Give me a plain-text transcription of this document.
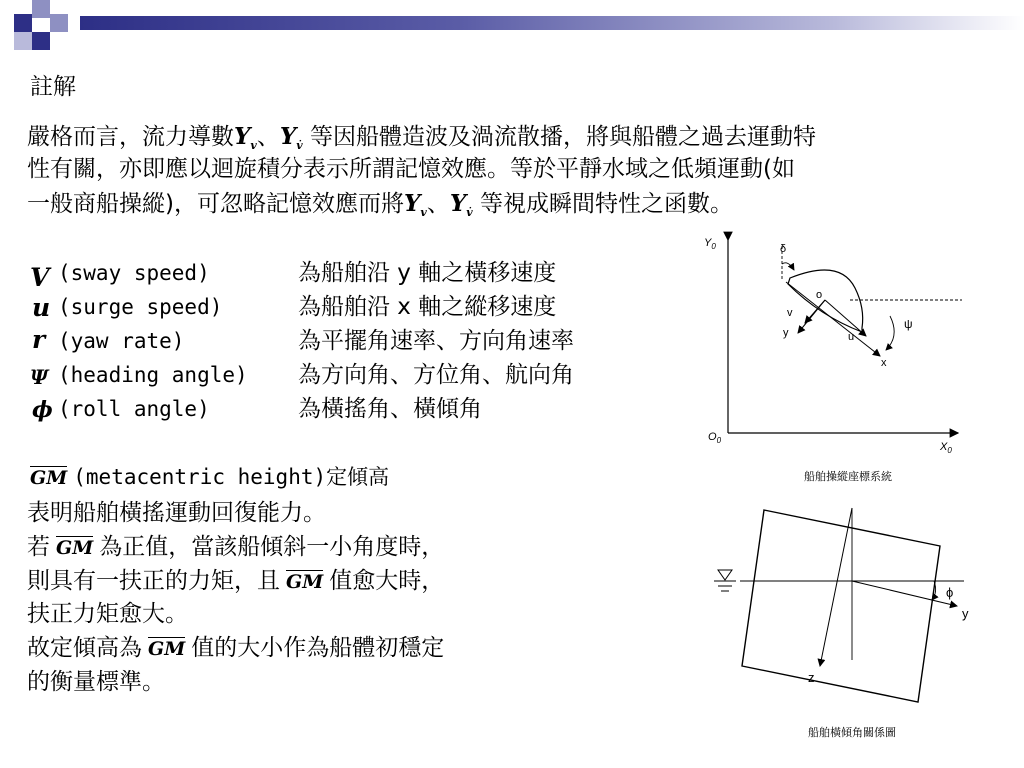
註解
嚴格而言，流力導數$Y_v$、$Y_{v̇}$ 等因船體造波及渦流散播，將與船體之過去運動特
性有關，亦即應以迴旋積分表示所謂記憶效應。等於平靜水域之低頻運動(如
一般商船操縱)，可忽略記憶效應而將$Y_v$、$Y_{v̇}$ 等視成瞬間特性之函數。
V (sway speed)	為船舶沿 y 軸之橫移速度
u (surge speed)	為船舶沿 x 軸之縱移速度
r (yaw rate)	為平擺角速率、方向角速率
Ψ (heading angle) 為方向角、方位角、航向角
ϕ (roll angle)	為橫搖角、橫傾角
GM (metacentric height)定傾高
表明船舶橫搖運動回復能力。
若 GM 為正值，當該船傾斜一小角度時，
則具有一扶正的力矩，且 GM 值愈大時，
扶正力矩愈大。
故定傾高為 GM 值的大小作為船體初穩定
的衡量標準。
$Y_0$
$O_0$
$X_0$
δ
o
v
y	u
x
ψ
船舶操縱座標系統
ϕ
y
z
船舶橫傾角關係圖
